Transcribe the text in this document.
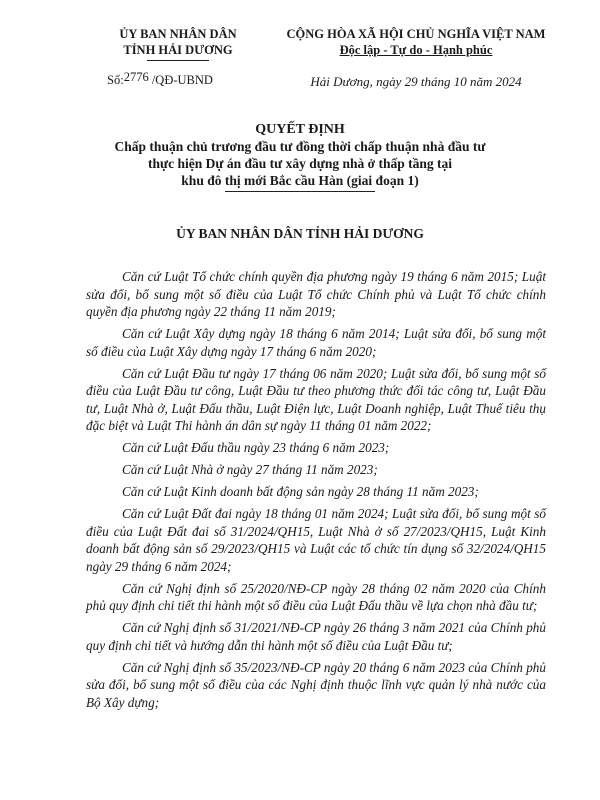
ỦY BAN NHÂN DÂN
TỈNH HẢI DƯƠNG
CỘNG HÒA XÃ HỘI CHỦ NGHĨA VIỆT NAM
Độc lập - Tự do - Hạnh phúc
Số:2776 /QĐ-UBND	Hải Dương, ngày 29 tháng 10 năm 2024
QUYẾT ĐỊNH
Chấp thuận chủ trương đầu tư đồng thời chấp thuận nhà đầu tư
thực hiện Dự án đầu tư xây dựng nhà ở thấp tầng tại
khu đô thị mới Bắc cầu Hàn (giai đoạn 1)
ỦY BAN NHÂN DÂN TỈNH HẢI DƯƠNG

Căn cứ Luật Tổ chức chính quyền địa phương ngày 19 tháng 6 năm 2015; Luật sửa đổi, bổ sung một số điều của Luật Tổ chức Chính phủ và Luật Tổ chức chính quyền địa phương ngày 22 tháng 11 năm 2019;

Căn cứ Luật Xây dựng ngày 18 tháng 6 năm 2014; Luật sửa đổi, bổ sung một số điều của Luật Xây dựng ngày 17 tháng 6 năm 2020;

Căn cứ Luật Đầu tư ngày 17 tháng 06 năm 2020; Luật sửa đổi, bổ sung một số điều của Luật Đầu tư công, Luật Đầu tư theo phương thức đối tác công tư, Luật Đầu tư, Luật Nhà ở, Luật Đấu thầu, Luật Điện lực, Luật Doanh nghiệp, Luật Thuế tiêu thụ đặc biệt và Luật Thi hành án dân sự ngày 11 tháng 01 năm 2022;

Căn cứ Luật Đấu thầu ngày 23 tháng 6 năm 2023;

Căn cứ Luật Nhà ở ngày 27 tháng 11 năm 2023;

Căn cứ Luật Kinh doanh bất động sản ngày 28 tháng 11 năm 2023;

Căn cứ Luật Đất đai ngày 18 tháng 01 năm 2024; Luật sửa đổi, bổ sung một số điều của Luật Đất đai số 31/2024/QH15, Luật Nhà ở số 27/2023/QH15, Luật Kinh doanh bất động sản số 29/2023/QH15 và Luật các tổ chức tín dụng số 32/2024/QH15 ngày 29 tháng 6 năm 2024;

Căn cứ Nghị định số 25/2020/NĐ-CP ngày 28 tháng 02 năm 2020 của Chính phủ quy định chi tiết thi hành một số điều của Luật Đấu thầu về lựa chọn nhà đầu tư;

Căn cứ Nghị định số 31/2021/NĐ-CP ngày 26 tháng 3 năm 2021 của Chính phủ quy định chi tiết và hướng dẫn thi hành một số điều của Luật Đầu tư;

Căn cứ Nghị định số 35/2023/NĐ-CP ngày 20 tháng 6 năm 2023 của Chính phủ sửa đổi, bổ sung một số điều của các Nghị định thuộc lĩnh vực quản lý nhà nước của Bộ Xây dựng;
